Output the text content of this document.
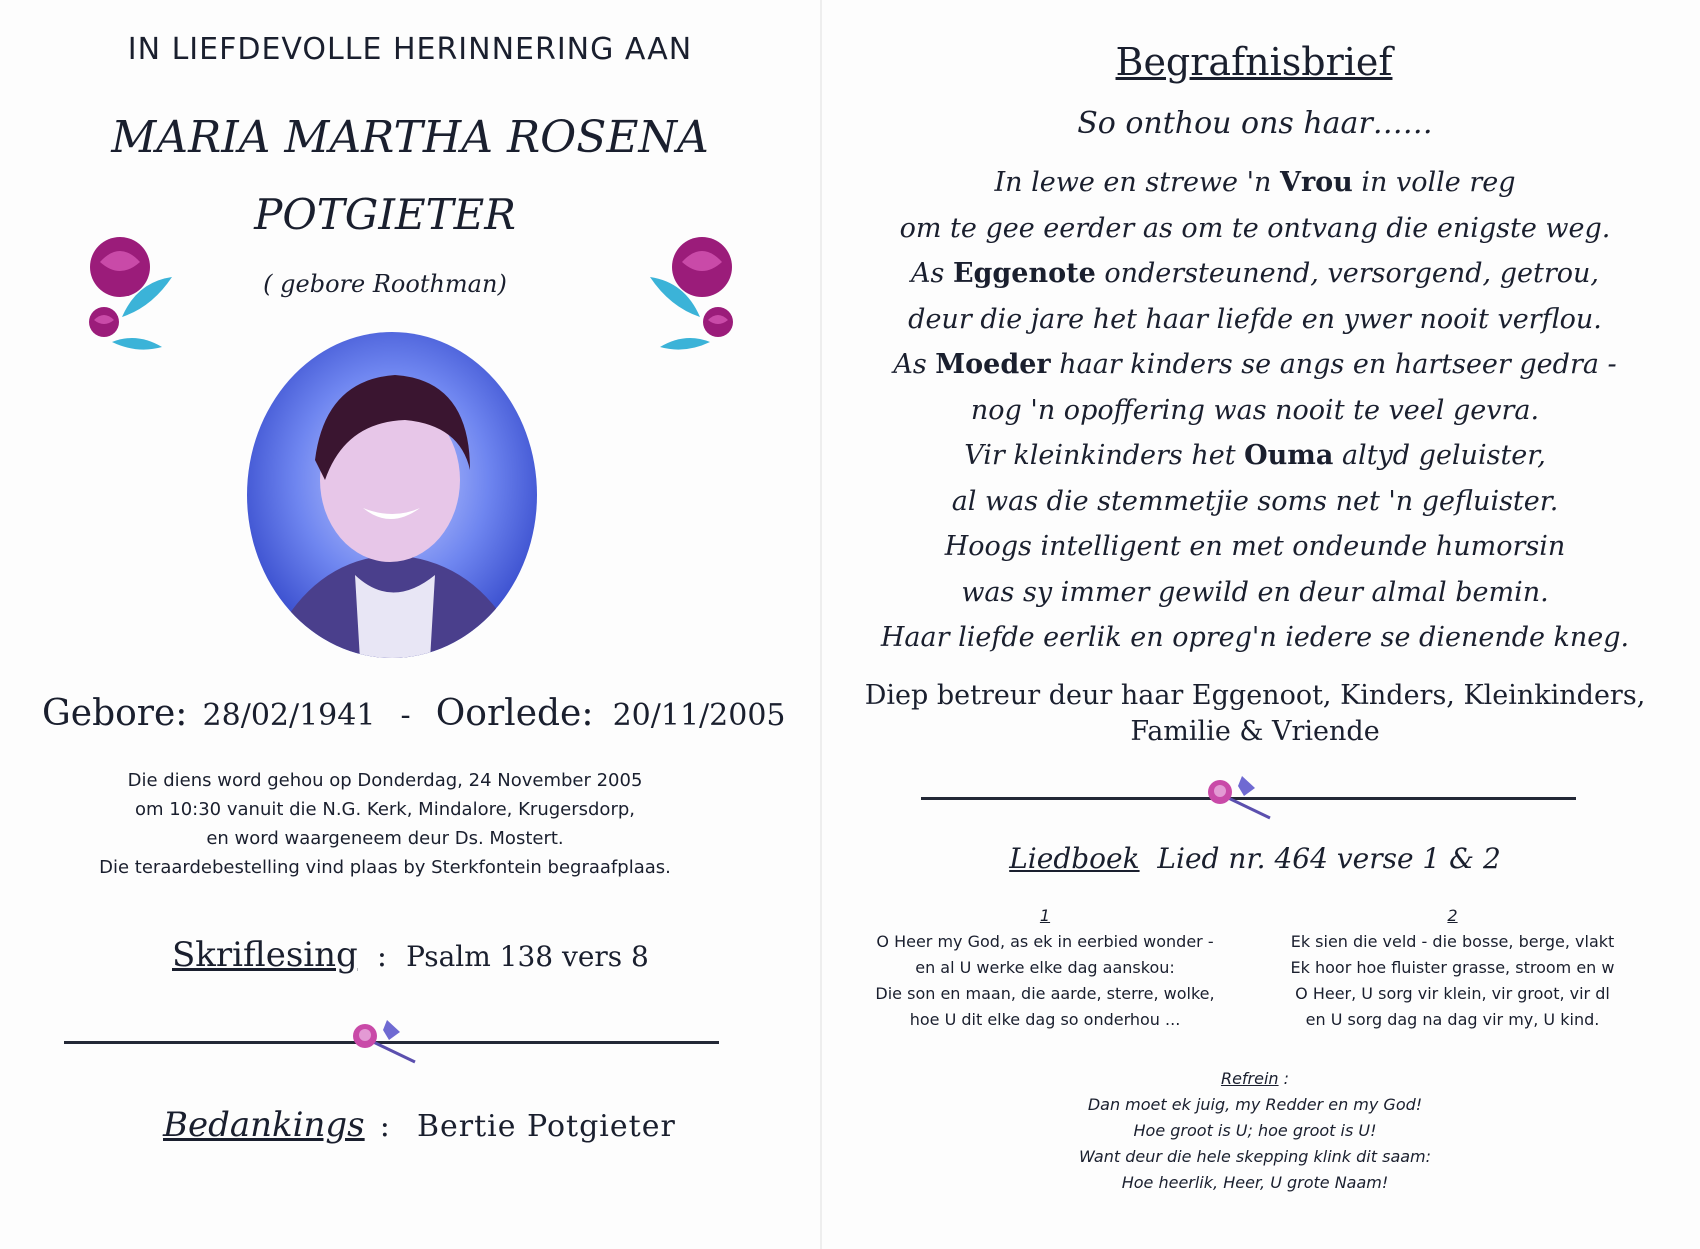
IN LIEFDEVOLLE HERINNERING AAN
MARIA MARTHA ROSENA
POTGIETER
( gebore Roothman)
Gebore: 28/02/1941 - Oorlede: 20/11/2005
Die diens word gehou op Donderdag, 24 November 2005
om 10:30 vanuit die N.G. Kerk, Mindalore, Krugersdorp,
en word waargeneem deur Ds. Mostert.
Die teraardebestelling vind plaas by Sterkfontein begraafplaas.
Skriflesing : Psalm 138 vers 8
Bedankings : Bertie Potgieter
Begrafnisbrief
So onthou ons haar……
In lewe en strewe 'n Vrou in volle reg
om te gee eerder as om te ontvang die enigste weg.
As Eggenote ondersteunend, versorgend, getrou,
deur die jare het haar liefde en ywer nooit verflou.
As Moeder haar kinders se angs en hartseer gedra -
nog 'n opoffering was nooit te veel gevra.
Vir kleinkinders het Ouma altyd geluister,
al was die stemmetjie soms net 'n gefluister.
Hoogs intelligent en met ondeunde humorsin
was sy immer gewild en deur almal bemin.
Haar liefde eerlik en opreg'n iedere se dienende kneg.
Diep betreur deur haar Eggenoot, Kinders, Kleinkinders,
Familie & Vriende
Liedboek Lied nr. 464 verse 1 & 2
1
O Heer my God, as ek in eerbied wonder -
en al U werke elke dag aanskou:
Die son en maan, die aarde, sterre, wolke,
hoe U dit elke dag so onderhou ...
2
Ek sien die veld - die bosse, berge, vlakt
Ek hoor hoe fluister grasse, stroom en w
O Heer, U sorg vir klein, vir groot, vir dl
en U sorg dag na dag vir my, U kind.
Refrein :
Dan moet ek juig, my Redder en my God!
Hoe groot is U; hoe groot is U!
Want deur die hele skepping klink dit saam:
Hoe heerlik, Heer, U grote Naam!
